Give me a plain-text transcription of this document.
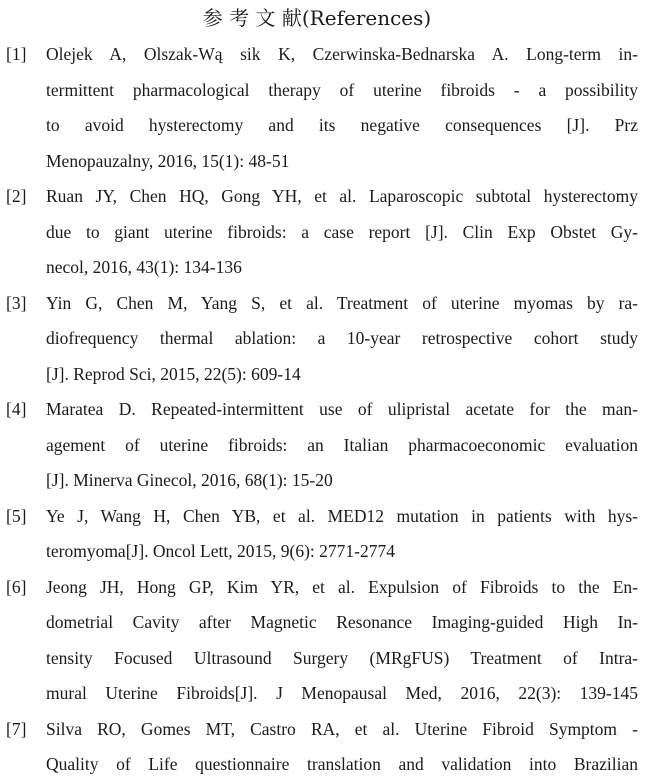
参 考 文 献(References)
[1] Olejek A, Olszak-Wą sik K, Czerwinska-Bednarska A. Long-term in-
termittent pharmacological therapy of uterine fibroids - a possibility
to avoid hysterectomy and its negative consequences [J]. Prz
Menopauzalny, 2016, 15(1): 48-51
[2] Ruan JY, Chen HQ, Gong YH, et al. Laparoscopic subtotal hysterectomy
due to giant uterine fibroids: a case report [J]. Clin Exp Obstet Gy-
necol, 2016, 43(1): 134-136
[3] Yin G, Chen M, Yang S, et al. Treatment of uterine myomas by ra-
diofrequency thermal ablation: a 10-year retrospective cohort study
[J]. Reprod Sci, 2015, 22(5): 609-14
[4] Maratea D. Repeated-intermittent use of ulipristal acetate for the man-
agement of uterine fibroids: an Italian pharmacoeconomic evaluation
[J]. Minerva Ginecol, 2016, 68(1): 15-20
[5] Ye J, Wang H, Chen YB, et al. MED12 mutation in patients with hys-
teromyoma[J]. Oncol Lett, 2015, 9(6): 2771-2774
[6] Jeong JH, Hong GP, Kim YR, et al. Expulsion of Fibroids to the En-
dometrial Cavity after Magnetic Resonance Imaging-guided High In-
tensity Focused Ultrasound Surgery (MRgFUS) Treatment of Intra-
mural Uterine Fibroids[J]. J Menopausal Med, 2016, 22(3): 139-145
[7] Silva RO, Gomes MT, Castro RA, et al. Uterine Fibroid Symptom -
Quality of Life questionnaire translation and validation into Brazilian
